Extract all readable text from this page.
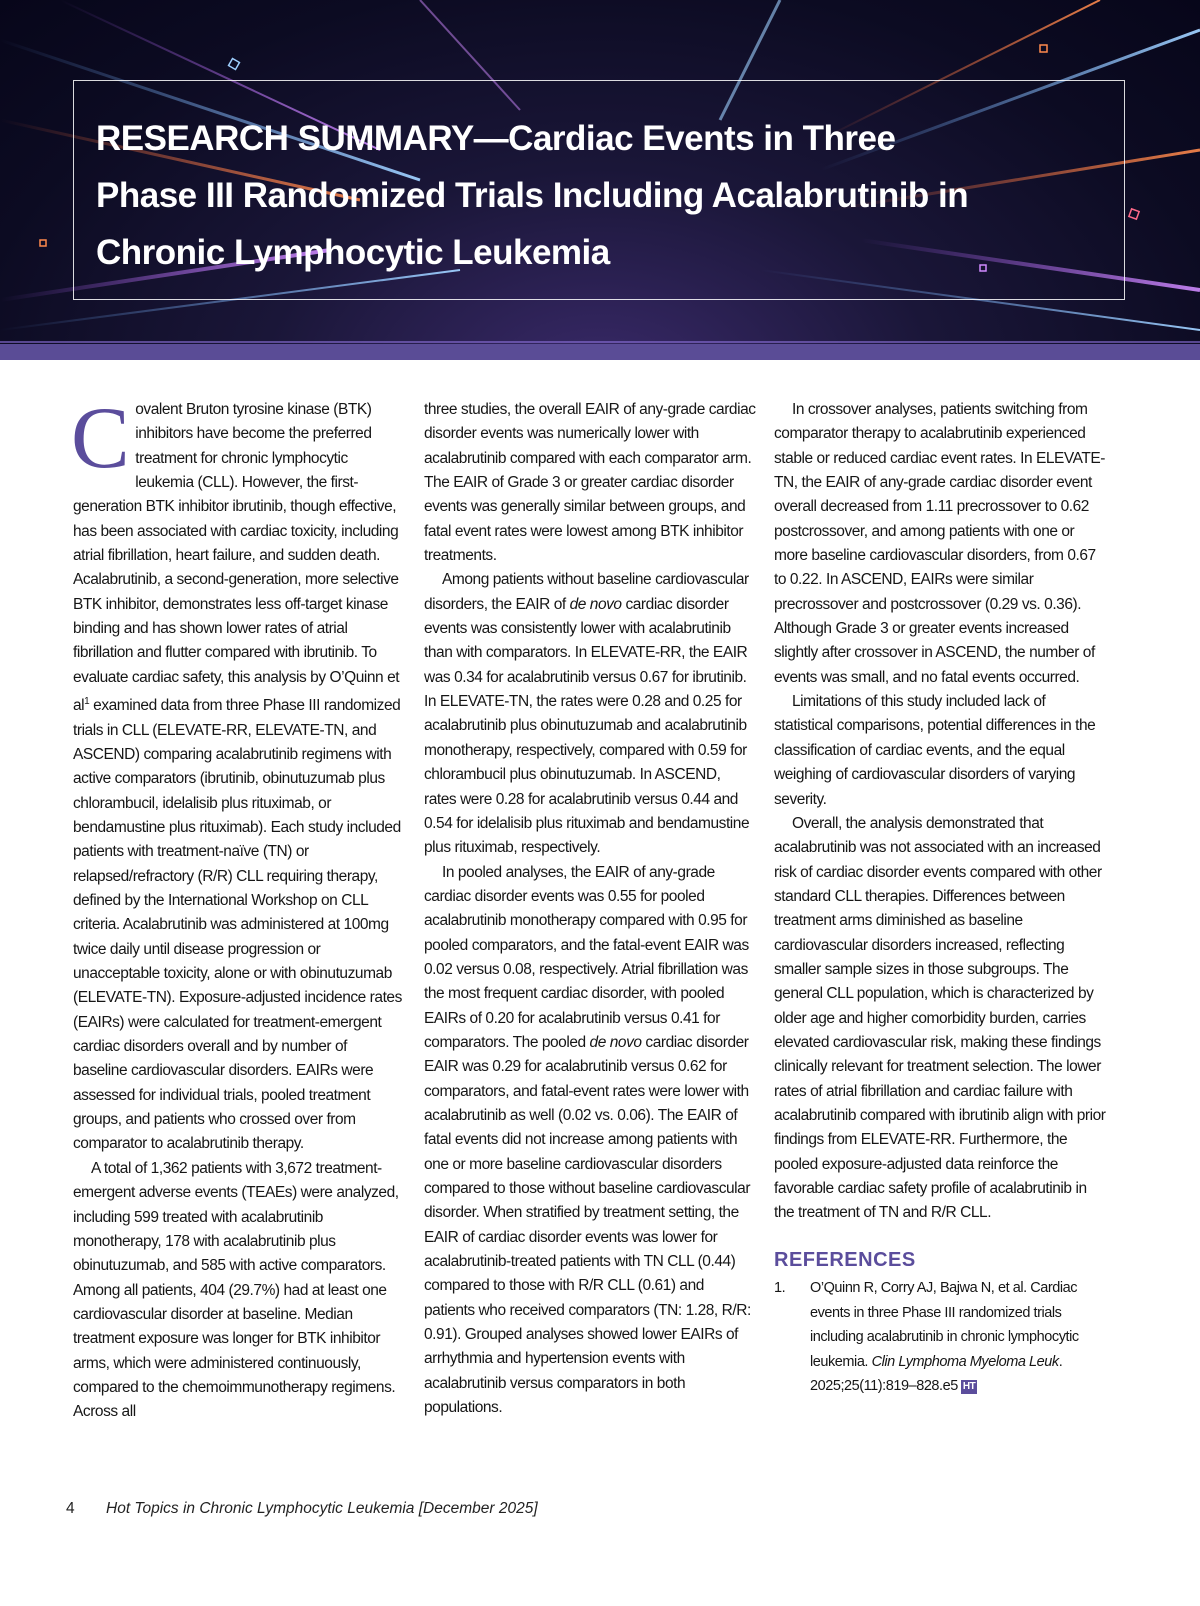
RESEARCH SUMMARY—Cardiac Events in Three Phase III Randomized Trials Including Acalabrutinib in Chronic Lymphocytic Leukemia

Covalent Bruton tyrosine kinase (BTK) inhibitors have become the preferred treatment for chronic lymphocytic leukemia (CLL). However, the first-generation BTK inhibitor ibrutinib, though effective, has been associated with cardiac toxicity, including atrial fibrillation, heart failure, and sudden death. Acalabrutinib, a second-generation, more selective BTK inhibitor, demonstrates less off-target kinase binding and has shown lower rates of atrial fibrillation and flutter compared with ibrutinib. To evaluate cardiac safety, this analysis by O’Quinn et $al^1$ examined data from three Phase III randomized trials in CLL (ELEVATE-RR, ELEVATE-TN, and ASCEND) comparing acalabrutinib regimens with active comparators (ibrutinib, obinutuzumab plus chlorambucil, idelalisib plus rituximab, or bendamustine plus rituximab). Each study included patients with treatment-naïve (TN) or relapsed/refractory (R/R) CLL requiring therapy, defined by the International Workshop on CLL criteria. Acalabrutinib was administered at 100mg twice daily until disease progression or unacceptable toxicity, alone or with obinutuzumab (ELEVATE-TN). Exposure-adjusted incidence rates (EAIRs) were calculated for treatment-emergent cardiac disorders overall and by number of baseline cardiovascular disorders. EAIRs were assessed for individual trials, pooled treatment groups, and patients who crossed over from comparator to acalabrutinib therapy.

A total of 1,362 patients with 3,672 treatment-emergent adverse events (TEAEs) were analyzed, including 599 treated with acalabrutinib monotherapy, 178 with acalabrutinib plus obinutuzumab, and 585 with active comparators. Among all patients, 404 (29.7%) had at least one cardiovascular disorder at baseline. Median treatment exposure was longer for BTK inhibitor arms, which were administered continuously, compared to the chemoimmunotherapy regimens. Across all

three studies, the overall EAIR of any-grade cardiac disorder events was numerically lower with acalabrutinib compared with each comparator arm. The EAIR of Grade 3 or greater cardiac disorder events was generally similar between groups, and fatal event rates were lowest among BTK inhibitor treatments.

Among patients without baseline cardiovascular disorders, the EAIR of de novo cardiac disorder events was consistently lower with acalabrutinib than with comparators. In ELEVATE-RR, the EAIR was 0.34 for acalabrutinib versus 0.67 for ibrutinib. In ELEVATE-TN, the rates were 0.28 and 0.25 for acalabrutinib plus obinutuzumab and acalabrutinib monotherapy, respectively, compared with 0.59 for chlorambucil plus obinutuzumab. In ASCEND, rates were 0.28 for acalabrutinib versus 0.44 and 0.54 for idelalisib plus rituximab and bendamustine plus rituximab, respectively.

In pooled analyses, the EAIR of any-grade cardiac disorder events was 0.55 for pooled acalabrutinib monotherapy compared with 0.95 for pooled comparators, and the fatal-event EAIR was 0.02 versus 0.08, respectively. Atrial fibrillation was the most frequent cardiac disorder, with pooled EAIRs of 0.20 for acalabrutinib versus 0.41 for comparators. The pooled de novo cardiac disorder EAIR was 0.29 for acalabrutinib versus 0.62 for comparators, and fatal-event rates were lower with acalabrutinib as well (0.02 vs. 0.06). The EAIR of fatal events did not increase among patients with one or more baseline cardiovascular disorders compared to those without baseline cardiovascular disorder. When stratified by treatment setting, the EAIR of cardiac disorder events was lower for acalabrutinib-treated patients with TN CLL (0.44) compared to those with R/R CLL (0.61) and patients who received comparators (TN: 1.28, R/R: 0.91). Grouped analyses showed lower EAIRs of arrhythmia and hypertension events with acalabrutinib versus comparators in both populations.

In crossover analyses, patients switching from comparator therapy to acalabrutinib experienced stable or reduced cardiac event rates. In ELEVATE-TN, the EAIR of any-grade cardiac disorder event overall decreased from 1.11 precrossover to 0.62 postcrossover, and among patients with one or more baseline cardiovascular disorders, from 0.67 to 0.22. In ASCEND, EAIRs were similar precrossover and postcrossover (0.29 vs. 0.36). Although Grade 3 or greater events increased slightly after crossover in ASCEND, the number of events was small, and no fatal events occurred.

Limitations of this study included lack of statistical comparisons, potential differences in the classification of cardiac events, and the equal weighing of cardiovascular disorders of varying severity.

Overall, the analysis demonstrated that acalabrutinib was not associated with an increased risk of cardiac disorder events compared with other standard CLL therapies. Differences between treatment arms diminished as baseline cardiovascular disorders increased, reflecting smaller sample sizes in those subgroups. The general CLL population, which is characterized by older age and higher comorbidity burden, carries elevated cardiovascular risk, making these findings clinically relevant for treatment selection. The lower rates of atrial fibrillation and cardiac failure with acalabrutinib compared with ibrutinib align with prior findings from ELEVATE-RR. Furthermore, the pooled exposure-adjusted data reinforce the favorable cardiac safety profile of acalabrutinib in the treatment of TN and R/R CLL.

REFERENCES
1.	O’Quinn R, Corry AJ, Bajwa N, et al. Cardiac events in three Phase III randomized trials including acalabrutinib in chronic lymphocytic leukemia. Clin Lymphoma Myeloma Leuk. 2025;25(11):819–828.e5 HT
4 Hot Topics in Chronic Lymphocytic Leukemia [December 2025]
